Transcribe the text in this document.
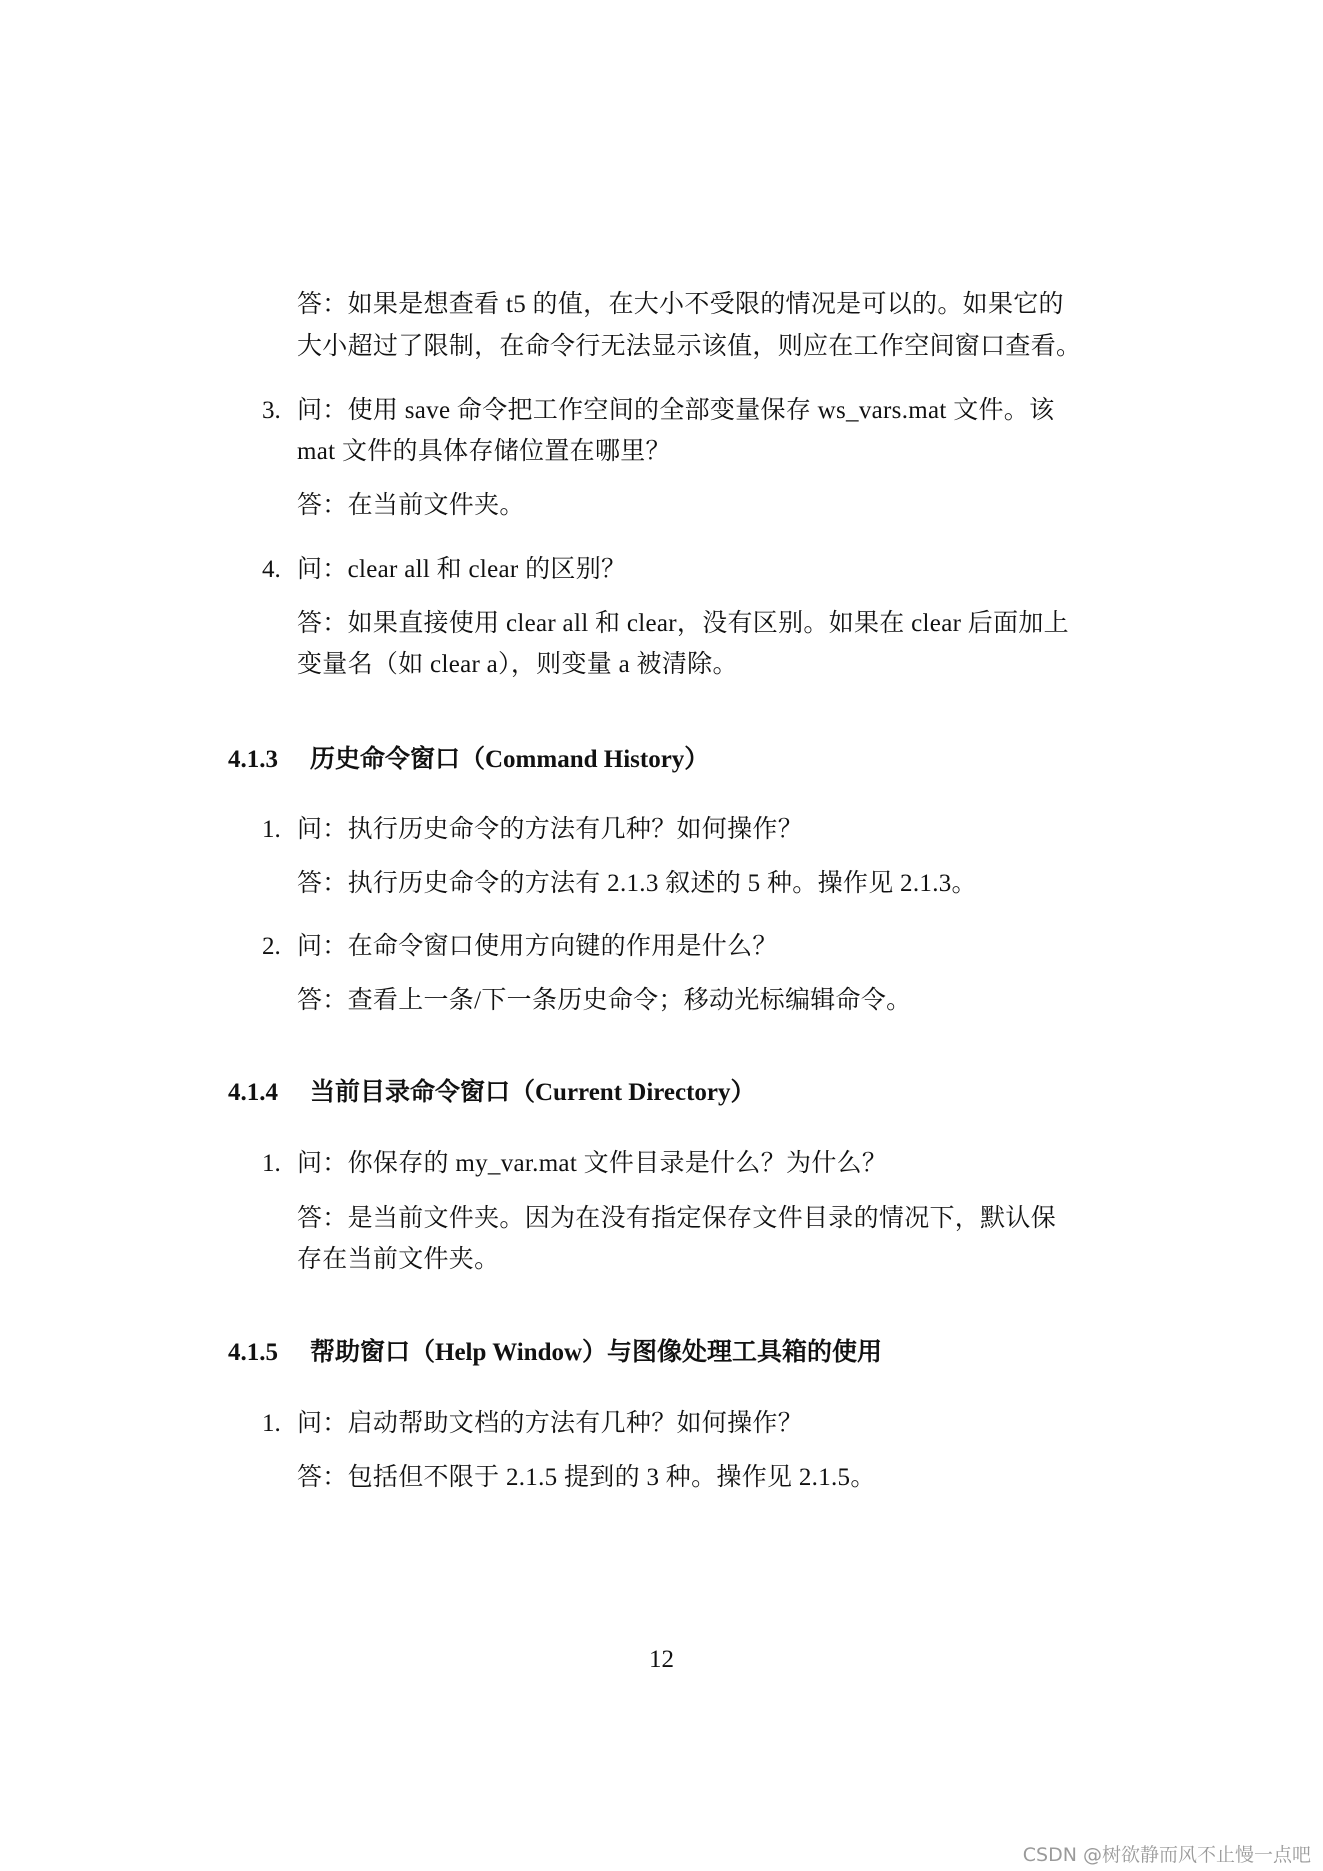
答：如果是想查看 t5 的值，在大小不受限的情况是可以的。如果它的
大小超过了限制，在命令行无法显示该值，则应在工作空间窗口查看。
3. 问：使用 save 命令把工作空间的全部变量保存 ws_vars.mat 文件。该
mat 文件的具体存储位置在哪里？
答：在当前文件夹。
4. 问：clear all 和 clear 的区别？
答：如果直接使用 clear all 和 clear，没有区别。如果在 clear 后面加上
变量名（如 clear a），则变量 a 被清除。
4.1.3 历史命令窗口（Command History）
1. 问：执行历史命令的方法有几种？如何操作？
答：执行历史命令的方法有 2.1.3 叙述的 5 种。操作见 2.1.3。
2. 问：在命令窗口使用方向键的作用是什么？
答：查看上一条/下一条历史命令；移动光标编辑命令。
4.1.4 当前目录命令窗口（Current Directory）
1. 问：你保存的 my_var.mat 文件目录是什么？为什么？
答：是当前文件夹。因为在没有指定保存文件目录的情况下，默认保
存在当前文件夹。
4.1.5 帮助窗口（Help Window）与图像处理工具箱的使用
1. 问：启动帮助文档的方法有几种？如何操作？
答：包括但不限于 2.1.5 提到的 3 种。操作见 2.1.5。
12
CSDN @树欲静而风不止慢一点吧
